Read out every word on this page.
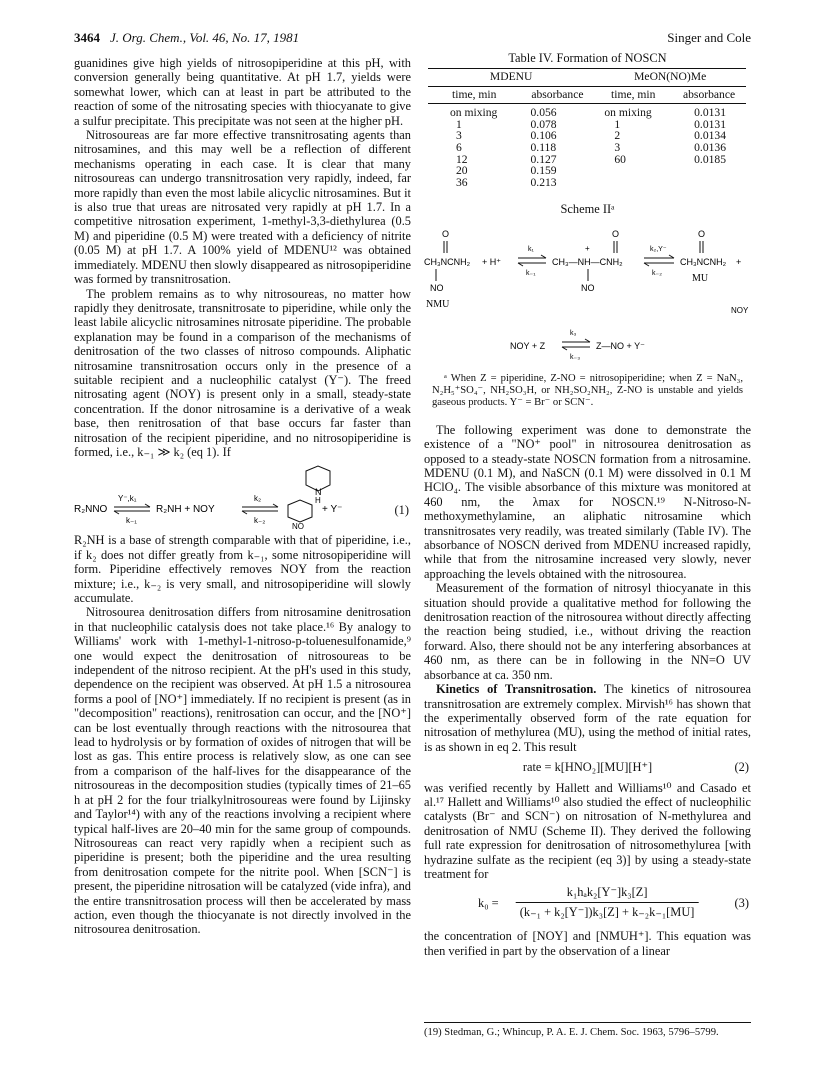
3464 J. Org. Chem., Vol. 46, No. 17, 1981	Singer and Cole

guanidines give high yields of nitrosopiperidine at this pH, with conversion generally being quantitative. At pH 1.7, yields were somewhat lower, which can at least in part be attributed to the reaction of some of the nitrosating species with thiocyanate to give a sulfur precipitate. This precipitate was not seen at the higher pH.

Nitrosoureas are far more effective transnitrosating agents than nitrosamines, and this may well be a reflection of different mechanisms operating in each case. It is clear that many nitrosoureas can undergo transnitrosation very rapidly, indeed, far more rapidly than even the most labile alicyclic nitrosamines. But it is also true that ureas are nitrosated very rapidly at pH 1.7. In a competitive nitrosation experiment, 1-methyl-3,3-diethylurea (0.5 M) and piperidine (0.5 M) were treated with a deficiency of nitrite (0.05 M) at pH 1.7. A 100% yield of MDENU¹² was obtained immediately. MDENU then slowly disappeared as nitrosopiperidine was formed by transnitrosation.

The problem remains as to why nitrosoureas, no matter how rapidly they denitrosate, transnitrosate to piperidine, while only the least labile alicyclic nitrosamines nitrosate piperidine. The probable explanation may be found in a comparison of the mechanisms of denitrosation of the two classes of nitroso compounds. Aliphatic nitrosamine transnitrosation occurs only in the presence of a suitable recipient and a nucleophilic catalyst (Y⁻). The freed nitrosating agent (NOY) is present only in a small, steady-state concentration. If the donor nitrosamine is a derivative of a weak base, then renitrosation of that base occurs far faster than nitrosation of the recipient piperidine, and no nitrosopiperidine is formed, i.e., k₋₁ ≫ k₂ (eq 1). If

N
H
R₂NNO
Y⁻,k₁
k₋₁
R₂NH + NOY
k₂
k₋₂
NO
+ Y⁻	(1)

R₂NH is a base of strength comparable with that of piperidine, i.e., if k₂ does not differ greatly from k₋₁, some nitrosopiperidine will form. Piperidine effectively removes NOY from the reaction mixture; i.e., k₋₂ is very small, and nitrosopiperidine will slowly accumulate.

Nitrosourea denitrosation differs from nitrosamine denitrosation in that nucleophilic catalysis does not take place.¹⁶ By analogy to Williams' work with 1-methyl-1-nitroso-p-toluenesulfonamide,⁹ one would expect the denitrosation of nitrosoureas to be independent of the nitroso recipient. At the pH's used in this study, dependence on the recipient was observed. At pH 1.5 a nitrosourea forms a pool of [NO⁺] immediately. If no recipient is present (as in "decomposition" reactions), renitrosation can occur, and the [NO⁺] can be lost eventually through reactions with the nitrosourea that lead to hydrolysis or by formation of oxides of nitrogen that will be lost as gas. This entire process is relatively slow, as one can see from a comparison of the half-lives for the disappearance of the nitrosoureas in the decomposition studies (typically times of 21–65 h at pH 2 for the four trialkylnitrosoureas were found by Lijinsky and Taylor¹⁴) with any of the reactions involving a recipient where typical half-lives are 20–40 min for the same group of compounds. Nitrosoureas can react very rapidly when a recipient such as piperidine is present; both the piperidine and the urea resulting from denitrosation compete for the nitrite pool. When [SCN⁻] is present, the piperidine nitrosation will be catalyzed (vide infra), and the entire transnitrosation process will then be accelerated by mass action, even though the thiocyanate is not directly involved in the nitrosourea denitrosation.

Table IV. Formation of NOSCN
MDENU		MeON(NO)Me	
time, min	absorbance	time, min	absorbance
on mixing	0.056	on mixing	0.0131
1	0.078	1	0.0131
3	0.106	2	0.0134
6	0.118	3	0.0136
12	0.127	60	0.0185
20	0.159		
36	0.213		
Scheme IIᵃ
O
CH₃NCNH₂
NO
NMU
+ H⁺
k₁
k₋₁
CH₃—NH—CNH₂
+
O
NO
k₂,Y⁻
k₋₂
O
CH₃NCNH₂ +
MU
NOY
NOY + Z
k₃
k₋₃
Z—NO + Y⁻

ᵃ When Z = piperidine, Z-NO = nitrosopiperidine; when Z = NaN₃, N₂H₅⁺SO₄⁻, NH₂SO₃H, or NH₂SO₂NH₂, Z-NO is unstable and yields gaseous products. Y⁻ = Br⁻ or SCN⁻.

The following experiment was done to demonstrate the existence of a "NO⁺ pool" in nitrosourea denitrosation as opposed to a steady-state NOSCN formation from a nitrosamine. MDENU (0.1 M), and NaSCN (0.1 M) were dissolved in 0.1 M HClO₄. The visible absorbance of this mixture was monitored at 460 nm, the λmax for NOSCN.¹⁹ N-Nitroso-N-methoxymethylamine, an aliphatic nitrosamine which transnitrosates very readily, was treated similarly (Table IV). The absorbance of NOSCN derived from MDENU increased rapidly, while that from the nitrosamine increased very slowly, never approaching the levels obtained with the nitrosourea.

Measurement of the formation of nitrosyl thiocyanate in this situation should provide a qualitative method for following the denitrosation reaction of the nitrosourea without directly affecting the reaction being studied, i.e., without driving the reaction forward. Also, there should not be any interfering absorbances at 460 nm, as there can be in following in the NN=O UV absorbance at ca. 350 nm.

Kinetics of Transnitrosation. The kinetics of nitrosourea transnitrosation are extremely complex. Mirvish¹⁶ has shown that the experimentally observed form of the rate equation for nitrosation of methylurea (MU), using the method of initial rates, is as shown in eq 2. This result

rate = k[HNO₂][MU][H⁺]	(2)

was verified recently by Hallett and Williams¹⁰ and Casado et al.¹⁷ Hallett and Williams¹⁰ also studied the effect of nucleophilic catalysts (Br⁻ and SCN⁻) on nitrosation of N-methylurea and denitrosation of NMU (Scheme II). They derived the following full rate expression for denitrosation of nitrosomethylurea [with hydrazine sulfate as the recipient (eq 3)] by using a steady-state treatment for

k₀ =
k₁hₐk₂[Y⁻]k₃[Z]
(k₋₁ + k₂[Y⁻])k₃[Z] + k₋₂k₋₁[MU]
(3)

the concentration of [NOY] and [NMUH⁺]. This equation was then verified in part by the observation of a linear

(19) Stedman, G.; Whincup, P. A. E. J. Chem. Soc. 1963, 5796–5799.
